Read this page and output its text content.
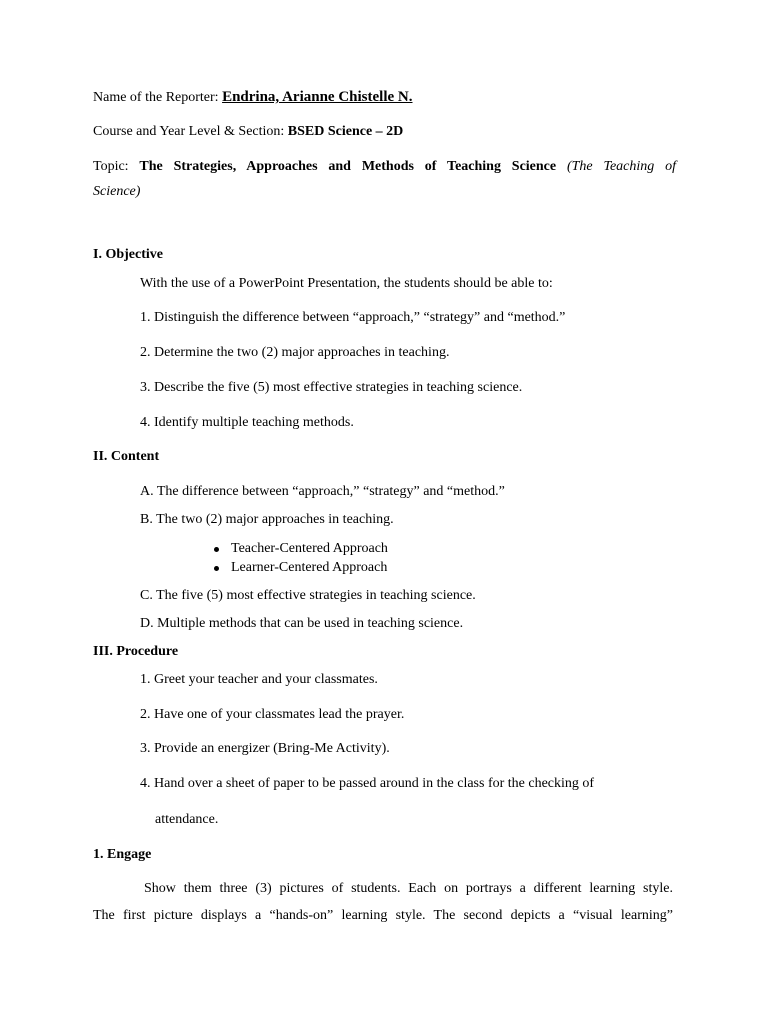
Name of the Reporter: Endrina, Arianne Chistelle N.
Course and Year Level & Section: BSED Science – 2D
Topic: The Strategies, Approaches and Methods of Teaching Science (The Teaching of
Science)
I. Objective
With the use of a PowerPoint Presentation, the students should be able to:
1. Distinguish the difference between “approach,” “strategy” and “method.”
2. Determine the two (2) major approaches in teaching.
3. Describe the five (5) most effective strategies in teaching science.
4. Identify multiple teaching methods.
II. Content
A. The difference between “approach,” “strategy” and “method.”
B. The two (2) major approaches in teaching.
Teacher-Centered Approach
Learner-Centered Approach
C. The five (5) most effective strategies in teaching science.
D. Multiple methods that can be used in teaching science.
III. Procedure
1. Greet your teacher and your classmates.
2. Have one of your classmates lead the prayer.
3. Provide an energizer (Bring-Me Activity).
4. Hand over a sheet of paper to be passed around in the class for the checking of
attendance.
1. Engage
Show them three (3) pictures of students. Each on portrays a different learning style.
The first picture displays a “hands-on” learning style. The second depicts a “visual learning”
